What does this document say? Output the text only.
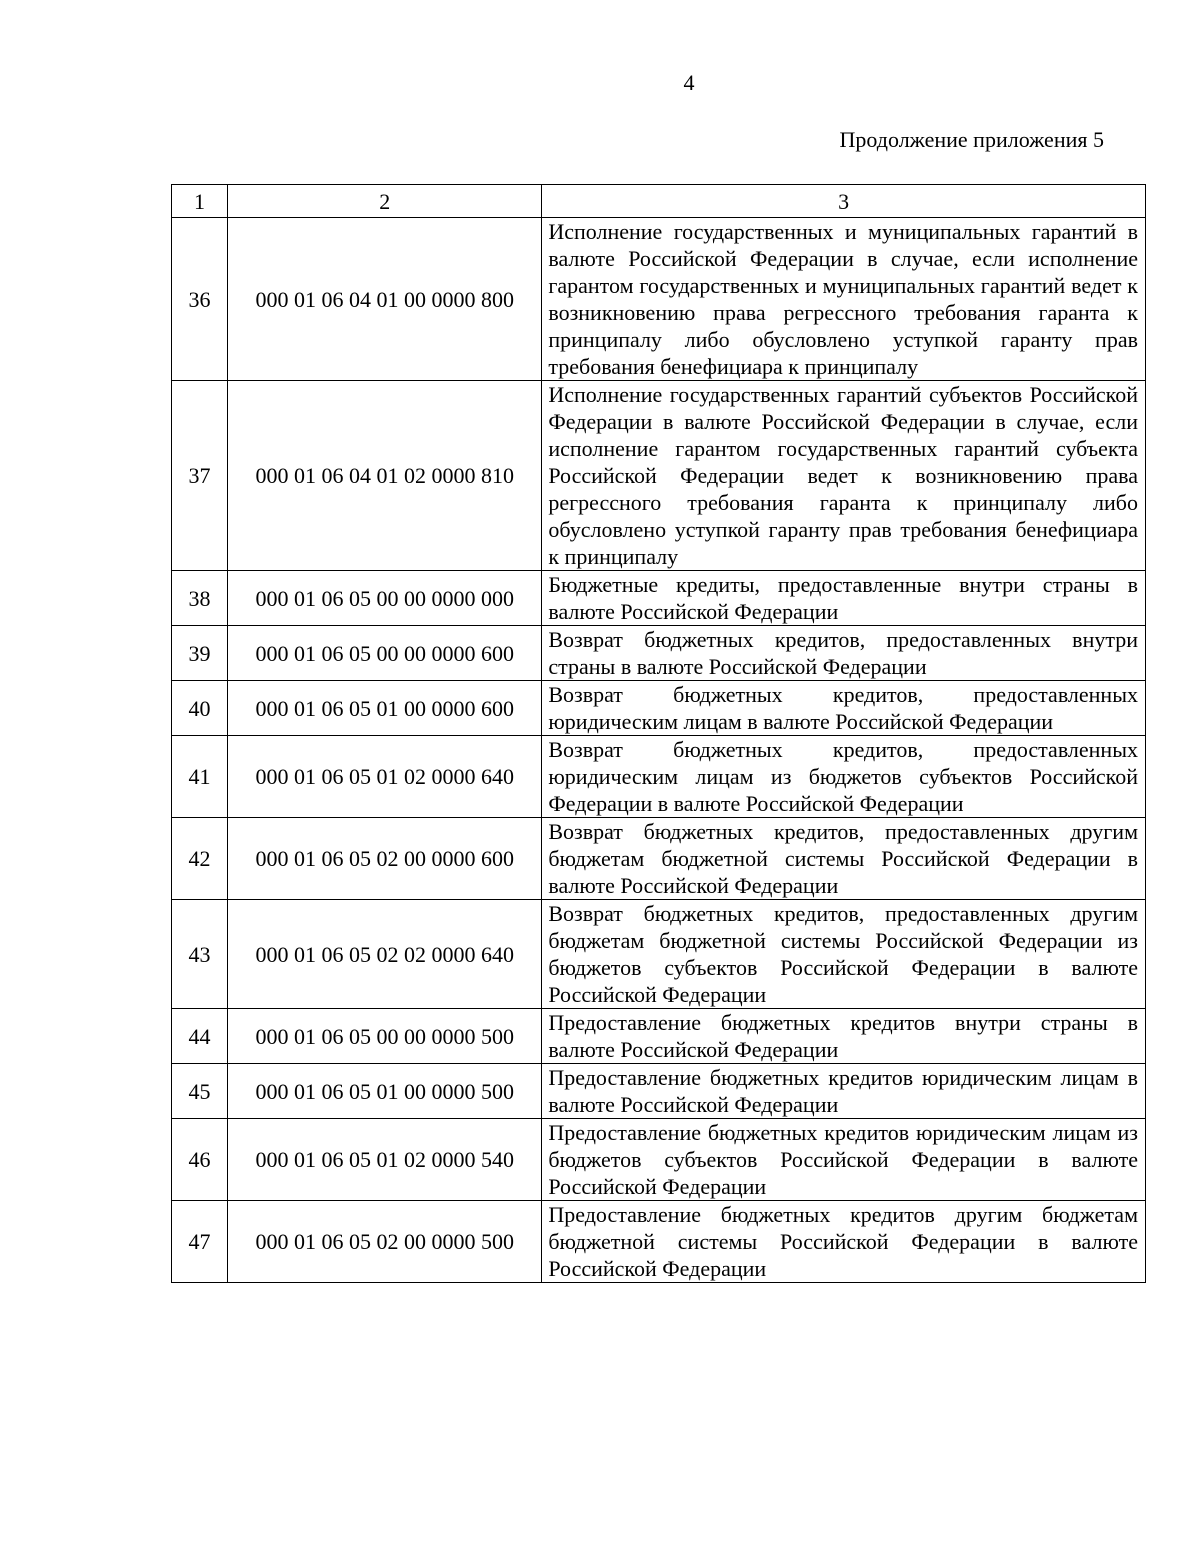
4
Продолжение приложения 5
1	2	3
36	000 01 06 04 01 00 0000 800	Исполнение государственных и муниципальных гарантий в валюте Российской Федерации в случае, если исполнение гарантом государственных и муниципальных гарантий ведет к возникновению права регрессного требования гаранта к принципалу либо обусловлено уступкой гаранту прав требования бенефициара к принципалу
37	000 01 06 04 01 02 0000 810	Исполнение государственных гарантий субъектов Российской Федерации в валюте Российской Федерации в случае, если исполнение гарантом государственных гарантий субъекта Российской Федерации ведет к возникновению права регрессного требования гаранта к принципалу либо обусловлено уступкой гаранту прав требования бенефициара к принципалу
38	000 01 06 05 00 00 0000 000	Бюджетные кредиты, предоставленные внутри страны в валюте Российской Федерации
39	000 01 06 05 00 00 0000 600	Возврат бюджетных кредитов, предоставленных внутри страны в валюте Российской Федерации
40	000 01 06 05 01 00 0000 600	Возврат бюджетных кредитов, предоставленных юридическим лицам в валюте Российской Федерации
41	000 01 06 05 01 02 0000 640	Возврат бюджетных кредитов, предоставленных юридическим лицам из бюджетов субъектов Российской Федерации в валюте Российской Федерации
42	000 01 06 05 02 00 0000 600	Возврат бюджетных кредитов, предоставленных другим бюджетам бюджетной системы Российской Федерации в валюте Российской Федерации
43	000 01 06 05 02 02 0000 640	Возврат бюджетных кредитов, предоставленных другим бюджетам бюджетной системы Российской Федерации из бюджетов субъектов Российской Федерации в валюте Российской Федерации
44	000 01 06 05 00 00 0000 500	Предоставление бюджетных кредитов внутри страны в валюте Российской Федерации
45	000 01 06 05 01 00 0000 500	Предоставление бюджетных кредитов юридическим лицам в валюте Российской Федерации
46	000 01 06 05 01 02 0000 540	Предоставление бюджетных кредитов юридическим лицам из бюджетов субъектов Российской Федерации в валюте Российской Федерации
47	000 01 06 05 02 00 0000 500	Предоставление бюджетных кредитов другим бюджетам бюджетной системы Российской Федерации в валюте Российской Федерации
